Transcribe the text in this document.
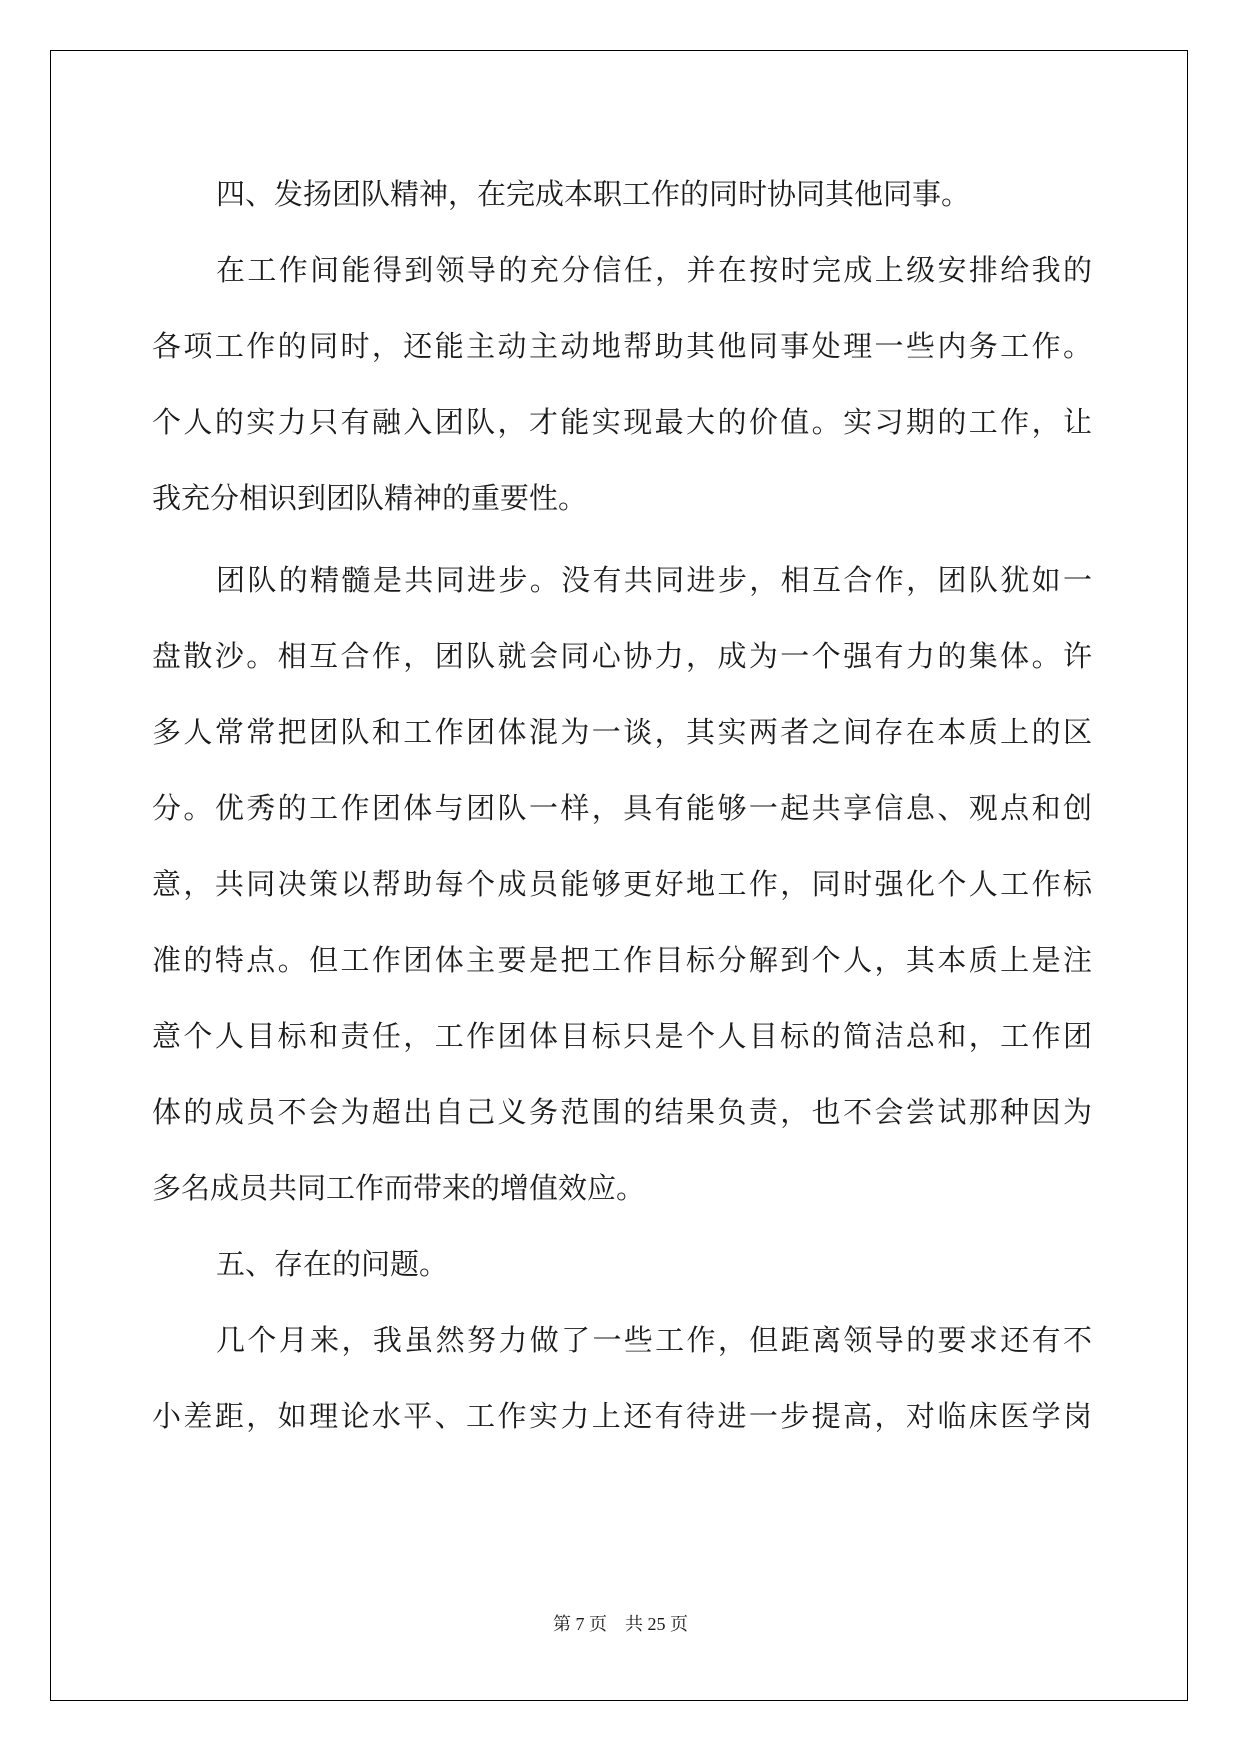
四、发扬团队精神，在完成本职工作的同时协同其他同事。
在工作间能得到领导的充分信任，并在按时完成上级安排给我的
各项工作的同时，还能主动主动地帮助其他同事处理一些内务工作。
个人的实力只有融入团队，才能实现最大的价值。实习期的工作，让
我充分相识到团队精神的重要性。
团队的精髓是共同进步。没有共同进步，相互合作，团队犹如一
盘散沙。相互合作，团队就会同心协力，成为一个强有力的集体。许
多人常常把团队和工作团体混为一谈，其实两者之间存在本质上的区
分。优秀的工作团体与团队一样，具有能够一起共享信息、观点和创
意，共同决策以帮助每个成员能够更好地工作，同时强化个人工作标
准的特点。但工作团体主要是把工作目标分解到个人，其本质上是注
意个人目标和责任，工作团体目标只是个人目标的简洁总和，工作团
体的成员不会为超出自己义务范围的结果负责，也不会尝试那种因为
多名成员共同工作而带来的增值效应。
五、存在的问题。
几个月来，我虽然努力做了一些工作，但距离领导的要求还有不
小差距，如理论水平、工作实力上还有待进一步提高，对临床医学岗
第 7 页　共 25 页
